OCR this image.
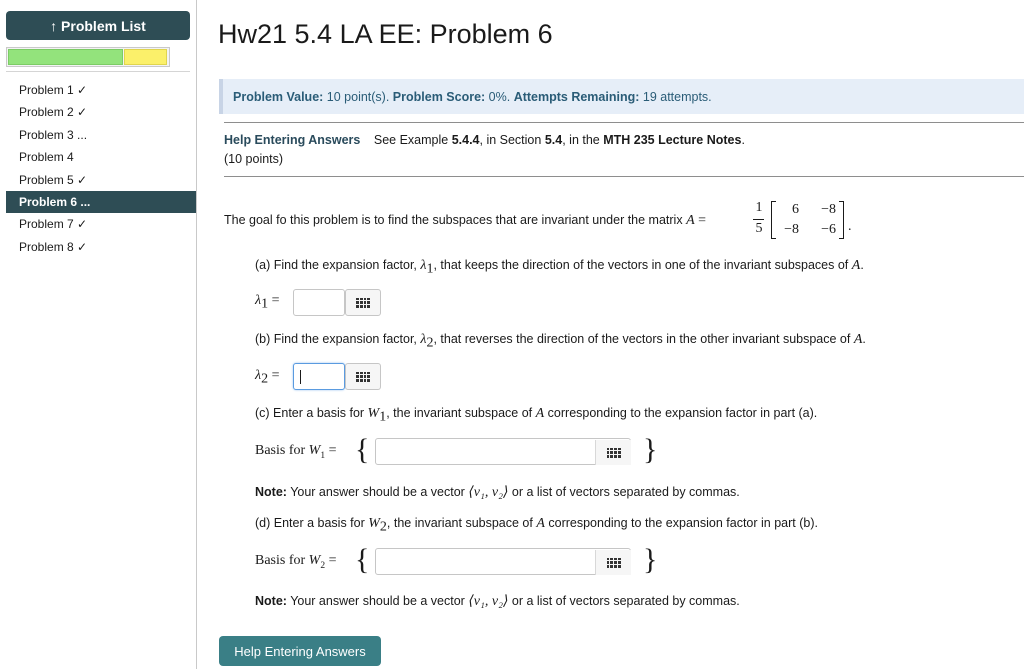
↑ Problem List
Problem 1 ✓
Problem 2 ✓
Problem 3 ...
Problem 4
Problem 5 ✓
Problem 6 ...
Problem 7 ✓
Problem 8 ✓
Hw21 5.4 LA EE: Problem 6
Problem Value: 10 point(s). Problem Score: 0%. Attempts Remaining: 19 attempts.
Help Entering Answers See Example 5.4.4, in Section 5.4, in the MTH 235 Lecture Notes.
(10 points)
The goal fo this problem is to find the subspaces that are invariant under the matrix A =
1
5
6	−8
−8	−6 .
(a) Find the expansion factor, $\lambda_1$, that keeps the direction of the vectors in one of the invariant subspaces of A.
$\lambda_1$ =
(b) Find the expansion factor, $\lambda_2$, that reverses the direction of the vectors in the other invariant subspace of A.
$\lambda_2$ =
(c) Enter a basis for $W_1$, the invariant subspace of A corresponding to the expansion factor in part (a).
Basis for $W_1$ = {	}
Note: Your answer should be a vector ⟨v₁, v₂⟩ or a list of vectors separated by commas.
(d) Enter a basis for $W_2$, the invariant subspace of A corresponding to the expansion factor in part (b).
Basis for $W_2$ = {	}
Note: Your answer should be a vector ⟨v₁, v₂⟩ or a list of vectors separated by commas.
Help Entering Answers
